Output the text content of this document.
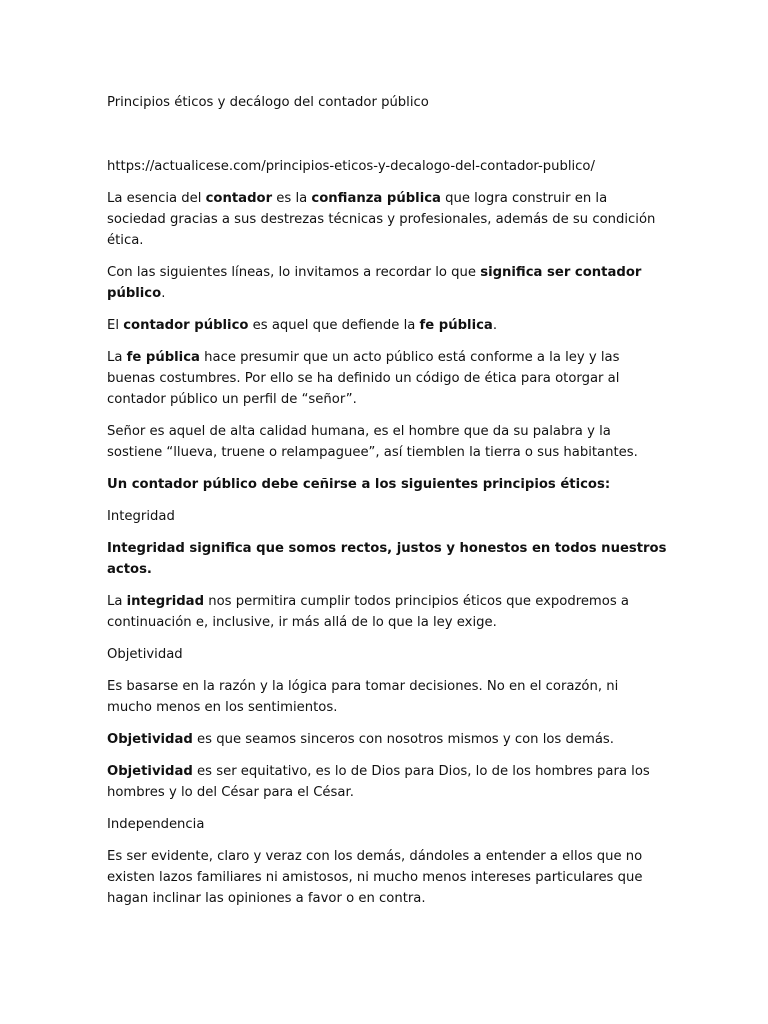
Principios éticos y decálogo del contador público

https://actualicese.com/principios-eticos-y-decalogo-del-contador-publico/

La esencia del contador es la confianza pública que logra construir en la sociedad gracias a sus destrezas técnicas y profesionales, además de su condición ética.

Con las siguientes líneas, lo invitamos a recordar lo que significa ser contador público.

El contador público es aquel que defiende la fe pública.

La fe pública hace presumir que un acto público está conforme a la ley y las buenas costumbres. Por ello se ha definido un código de ética para otorgar al contador público un perfil de “señor”.

Señor es aquel de alta calidad humana, es el hombre que da su palabra y la sostiene “llueva, truene o relampaguee”, así tiemblen la tierra o sus habitantes.

Un contador público debe ceñirse a los siguientes principios éticos:

Integridad

Integridad significa que somos rectos, justos y honestos en todos nuestros actos.

La integridad nos permitira cumplir todos principios éticos que expodremos a continuación e, inclusive, ir más allá de lo que la ley exige.

Objetividad

Es basarse en la razón y la lógica para tomar decisiones. No en el corazón, ni mucho menos en los sentimientos.

Objetividad es que seamos sinceros con nosotros mismos y con los demás.

Objetividad es ser equitativo, es lo de Dios para Dios, lo de los hombres para los hombres y lo del César para el César.

Independencia

Es ser evidente, claro y veraz con los demás, dándoles a entender a ellos que no existen lazos familiares ni amistosos, ni mucho menos intereses particulares que hagan inclinar las opiniones a favor o en contra.
